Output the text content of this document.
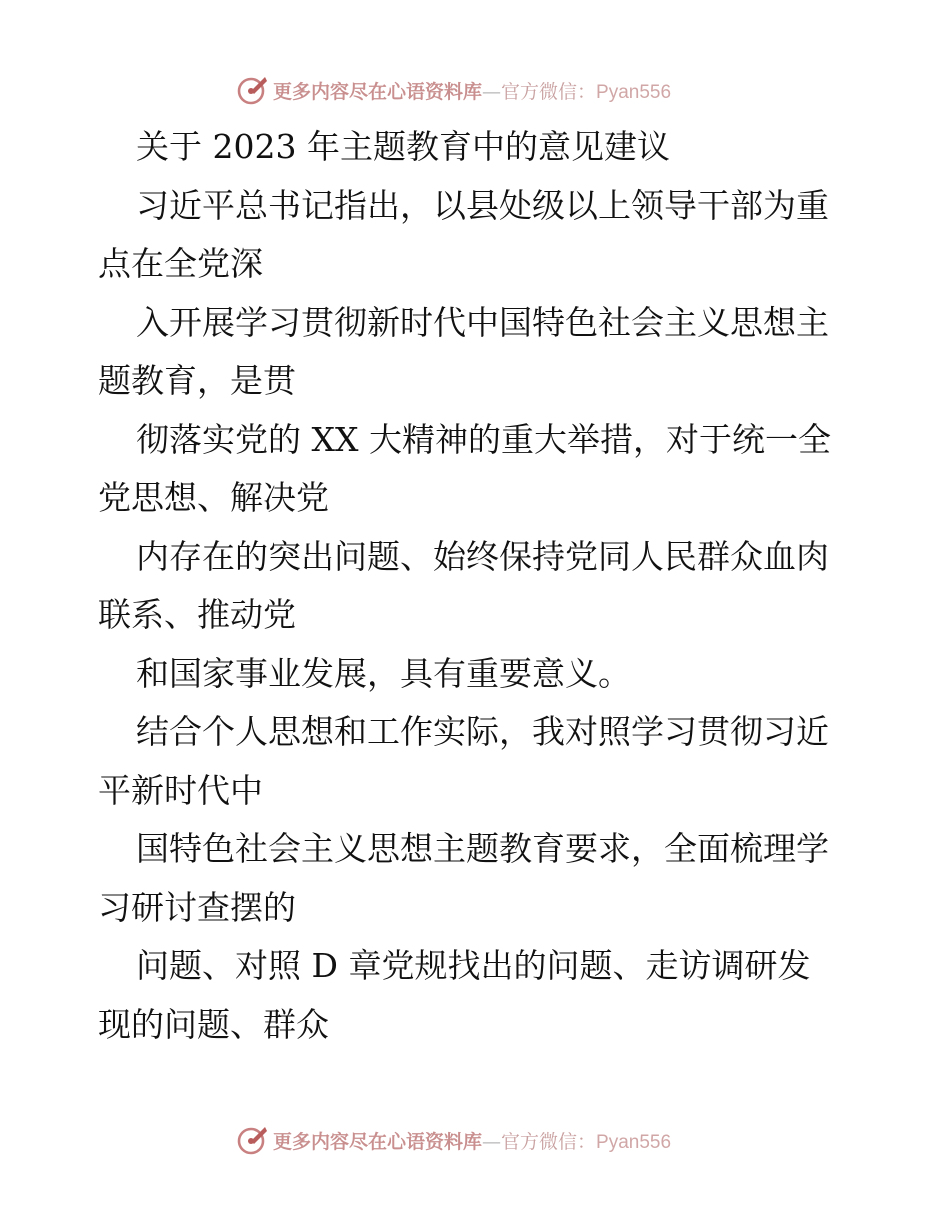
更多内容尽在心语资料库—官方微信：Pyan556
关于 2023 年主题教育中的意见建议
习近平总书记指出，以县处级以上领导干部为重
点在全党深
入开展学习贯彻新时代中国特色社会主义思想主
题教育，是贯
彻落实党的 XX 大精神的重大举措，对于统一全
党思想、解决党
内存在的突出问题、始终保持党同人民群众血肉
联系、推动党
和国家事业发展，具有重要意义。
结合个人思想和工作实际，我对照学习贯彻习近
平新时代中
国特色社会主义思想主题教育要求，全面梳理学
习研讨查摆的
问题、对照 D 章党规找出的问题、走访调研发
现的问题、群众
更多内容尽在心语资料库—官方微信：Pyan556
